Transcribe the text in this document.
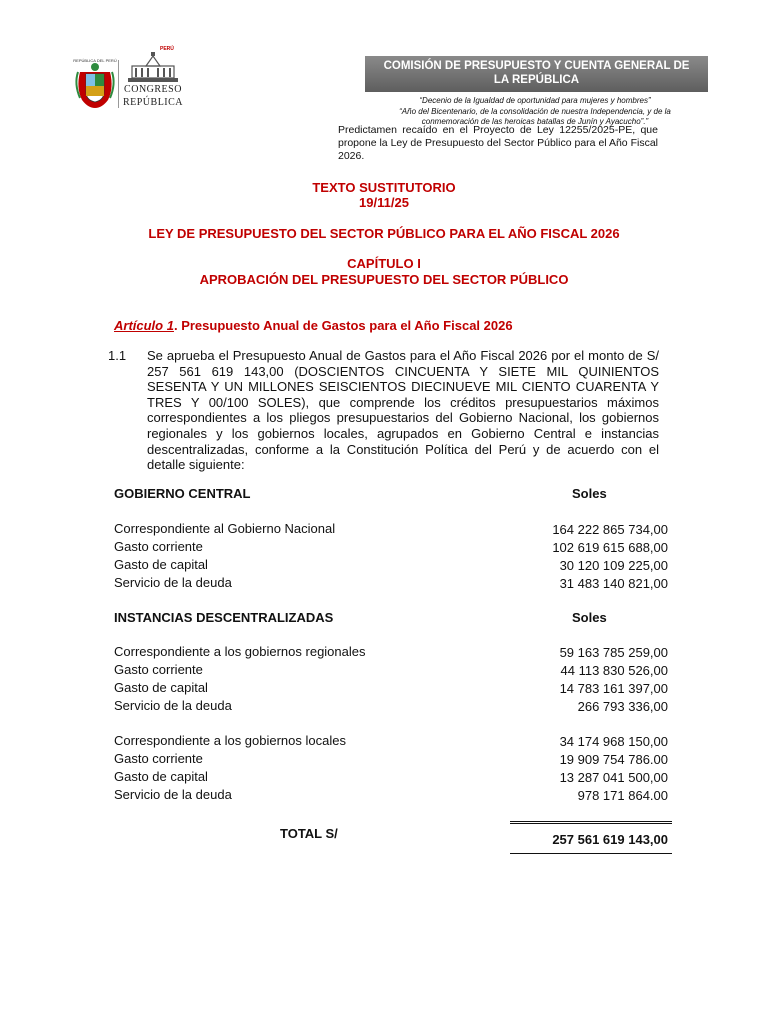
REPÚBLICA DEL PERÚ
PERÚ
CONGRESO
REPÚBLICA
COMISIÓN DE PRESUPUESTO Y CUENTA GENERAL DE
LA REPÚBLICA
“Decenio de la Igualdad de oportunidad para mujeres y hombres”
“Año del Bicentenario, de la consolidación de nuestra Independencia, y de la conmemoración de las heroicas batallas de Junín y Ayacucho”.”
Predictamen recaído en el Proyecto de Ley 12255/2025-PE, que propone la Ley de Presupuesto del Sector Público para el Año Fiscal 2026.
TEXTO SUSTITUTORIO
19/11/25
LEY DE PRESUPUESTO DEL SECTOR PÚBLICO PARA EL AÑO FISCAL 2026
CAPÍTULO I
APROBACIÓN DEL PRESUPUESTO DEL SECTOR PÚBLICO
Artículo 1. Presupuesto Anual de Gastos para el Año Fiscal 2026
1.1 Se aprueba el Presupuesto Anual de Gastos para el Año Fiscal 2026 por el monto de S/ 257 561 619 143,00 (DOSCIENTOS CINCUENTA Y SIETE MIL QUINIENTOS SESENTA Y UN MILLONES SEISCIENTOS DIECINUEVE MIL CIENTO CUARENTA Y TRES Y 00/100 SOLES), que comprende los créditos presupuestarios máximos correspondientes a los pliegos presupuestarios del Gobierno Nacional, los gobiernos regionales y los gobiernos locales, agrupados en Gobierno Central e instancias descentralizadas, conforme a la Constitución Política del Perú y de acuerdo con el detalle siguiente:
GOBIERNO CENTRAL	Soles
Correspondiente al Gobierno Nacional	164 222 865 734,00
Gasto corriente	102 619 615 688,00
Gasto de capital	30 120 109 225,00
Servicio de la deuda	31 483 140 821,00
INSTANCIAS DESCENTRALIZADAS	Soles
Correspondiente a los gobiernos regionales	59 163 785 259,00
Gasto corriente	44 113 830 526,00
Gasto de capital	14 783 161 397,00
Servicio de la deuda	266 793 336,00
Correspondiente a los gobiernos locales	34 174 968 150,00
Gasto corriente	19 909 754 786.00
Gasto de capital	13 287 041 500,00
Servicio de la deuda	978 171 864.00
TOTAL S/	257 561 619 143,00
